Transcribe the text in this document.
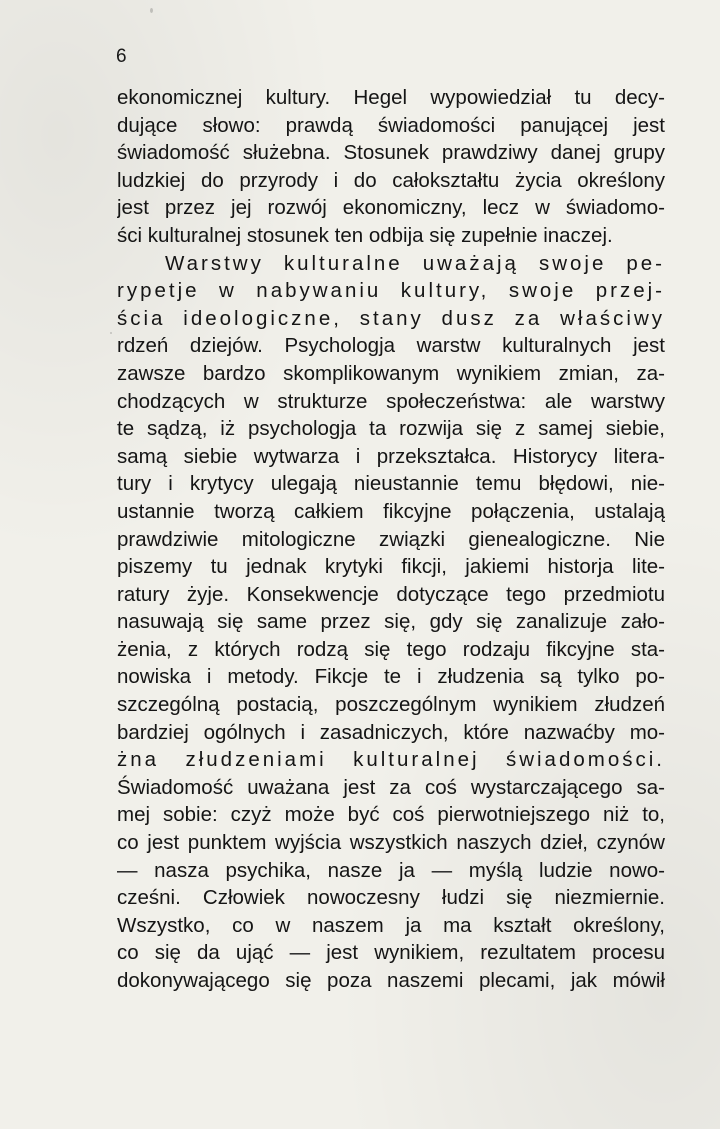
6
ekonomicznej kultury. Hegel wypowiedział tu decy-
dujące słowo: prawdą świadomości panującej jest
świadomość służebna. Stosunek prawdziwy danej grupy
ludzkiej do przyrody i do całokształtu życia określony
jest przez jej rozwój ekonomiczny, lecz w świadomo-
ści kulturalnej stosunek ten odbija się zupełnie inaczej.
Warstwy kulturalne uważają swoje pe-
rypetje w nabywaniu kultury, swoje przej-
ścia ideologiczne, stany dusz za właściwy
rdzeń dziejów. Psychologja warstw kulturalnych jest
zawsze bardzo skomplikowanym wynikiem zmian, za-
chodzących w strukturze społeczeństwa: ale warstwy
te sądzą, iż psychologja ta rozwija się z samej siebie,
samą siebie wytwarza i przekształca. Historycy litera-
tury i krytycy ulegają nieustannie temu błędowi, nie-
ustannie tworzą całkiem fikcyjne połączenia, ustalają
prawdziwie mitologiczne związki gienealogiczne. Nie
piszemy tu jednak krytyki fikcji, jakiemi historja lite-
ratury żyje. Konsekwencje dotyczące tego przedmiotu
nasuwają się same przez się, gdy się zanalizuje zało-
żenia, z których rodzą się tego rodzaju fikcyjne sta-
nowiska i metody. Fikcje te i złudzenia są tylko po-
szczególną postacią, poszczególnym wynikiem złudzeń
bardziej ogólnych i zasadniczych, które nazwaćby mo-
żna złudzeniami kulturalnej świadomości.
Świadomość uważana jest za coś wystarczającego sa-
mej sobie: czyż może być coś pierwotniejszego niż to,
co jest punktem wyjścia wszystkich naszych dzieł, czynów
— nasza psychika, nasze ja — myślą ludzie nowo-
cześni. Człowiek nowoczesny łudzi się niezmiernie.
Wszystko, co w naszem ja ma kształt określony,
co się da ująć — jest wynikiem, rezultatem procesu
dokonywającego się poza naszemi plecami, jak mówił
